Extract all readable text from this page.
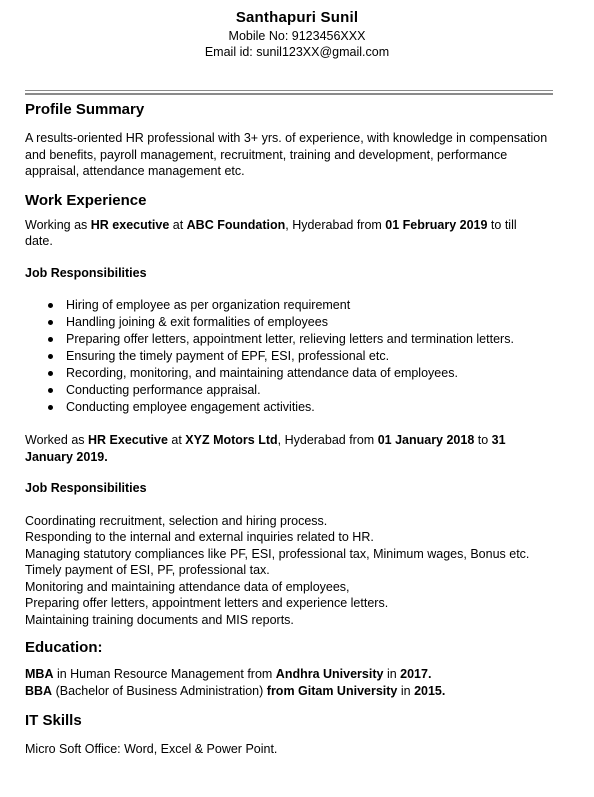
Santhapuri Sunil
Mobile No: 9123456XXX
Email id: sunil123XX@gmail.com
Profile Summary

A results-oriented HR professional with 3+ yrs. of experience, with knowledge in compensation and benefits, payroll management, recruitment, training and development, performance appraisal, attendance management etc.

Work Experience

Working as HR executive at ABC Foundation, Hyderabad from 01 February 2019 to till date.

Job Responsibilities

Hiring of employee as per organization requirement
Handling joining & exit formalities of employees
Preparing offer letters, appointment letter, relieving letters and termination letters.
Ensuring the timely payment of EPF, ESI, professional etc.
Recording, monitoring, and maintaining attendance data of employees.
Conducting performance appraisal.
Conducting employee engagement activities.

Worked as HR Executive at XYZ Motors Ltd, Hyderabad from 01 January 2018 to 31 January 2019.

Job Responsibilities

Coordinating recruitment, selection and hiring process.
Responding to the internal and external inquiries related to HR.
Managing statutory compliances like PF, ESI, professional tax, Minimum wages, Bonus etc.
Timely payment of ESI, PF, professional tax.
Monitoring and maintaining attendance data of employees,
Preparing offer letters, appointment letters and experience letters.
Maintaining training documents and MIS reports.
Education:

MBA in Human Resource Management from Andhra University in 2017.

BBA (Bachelor of Business Administration) from Gitam University in 2015.

IT Skills

Micro Soft Office: Word, Excel & Power Point.
